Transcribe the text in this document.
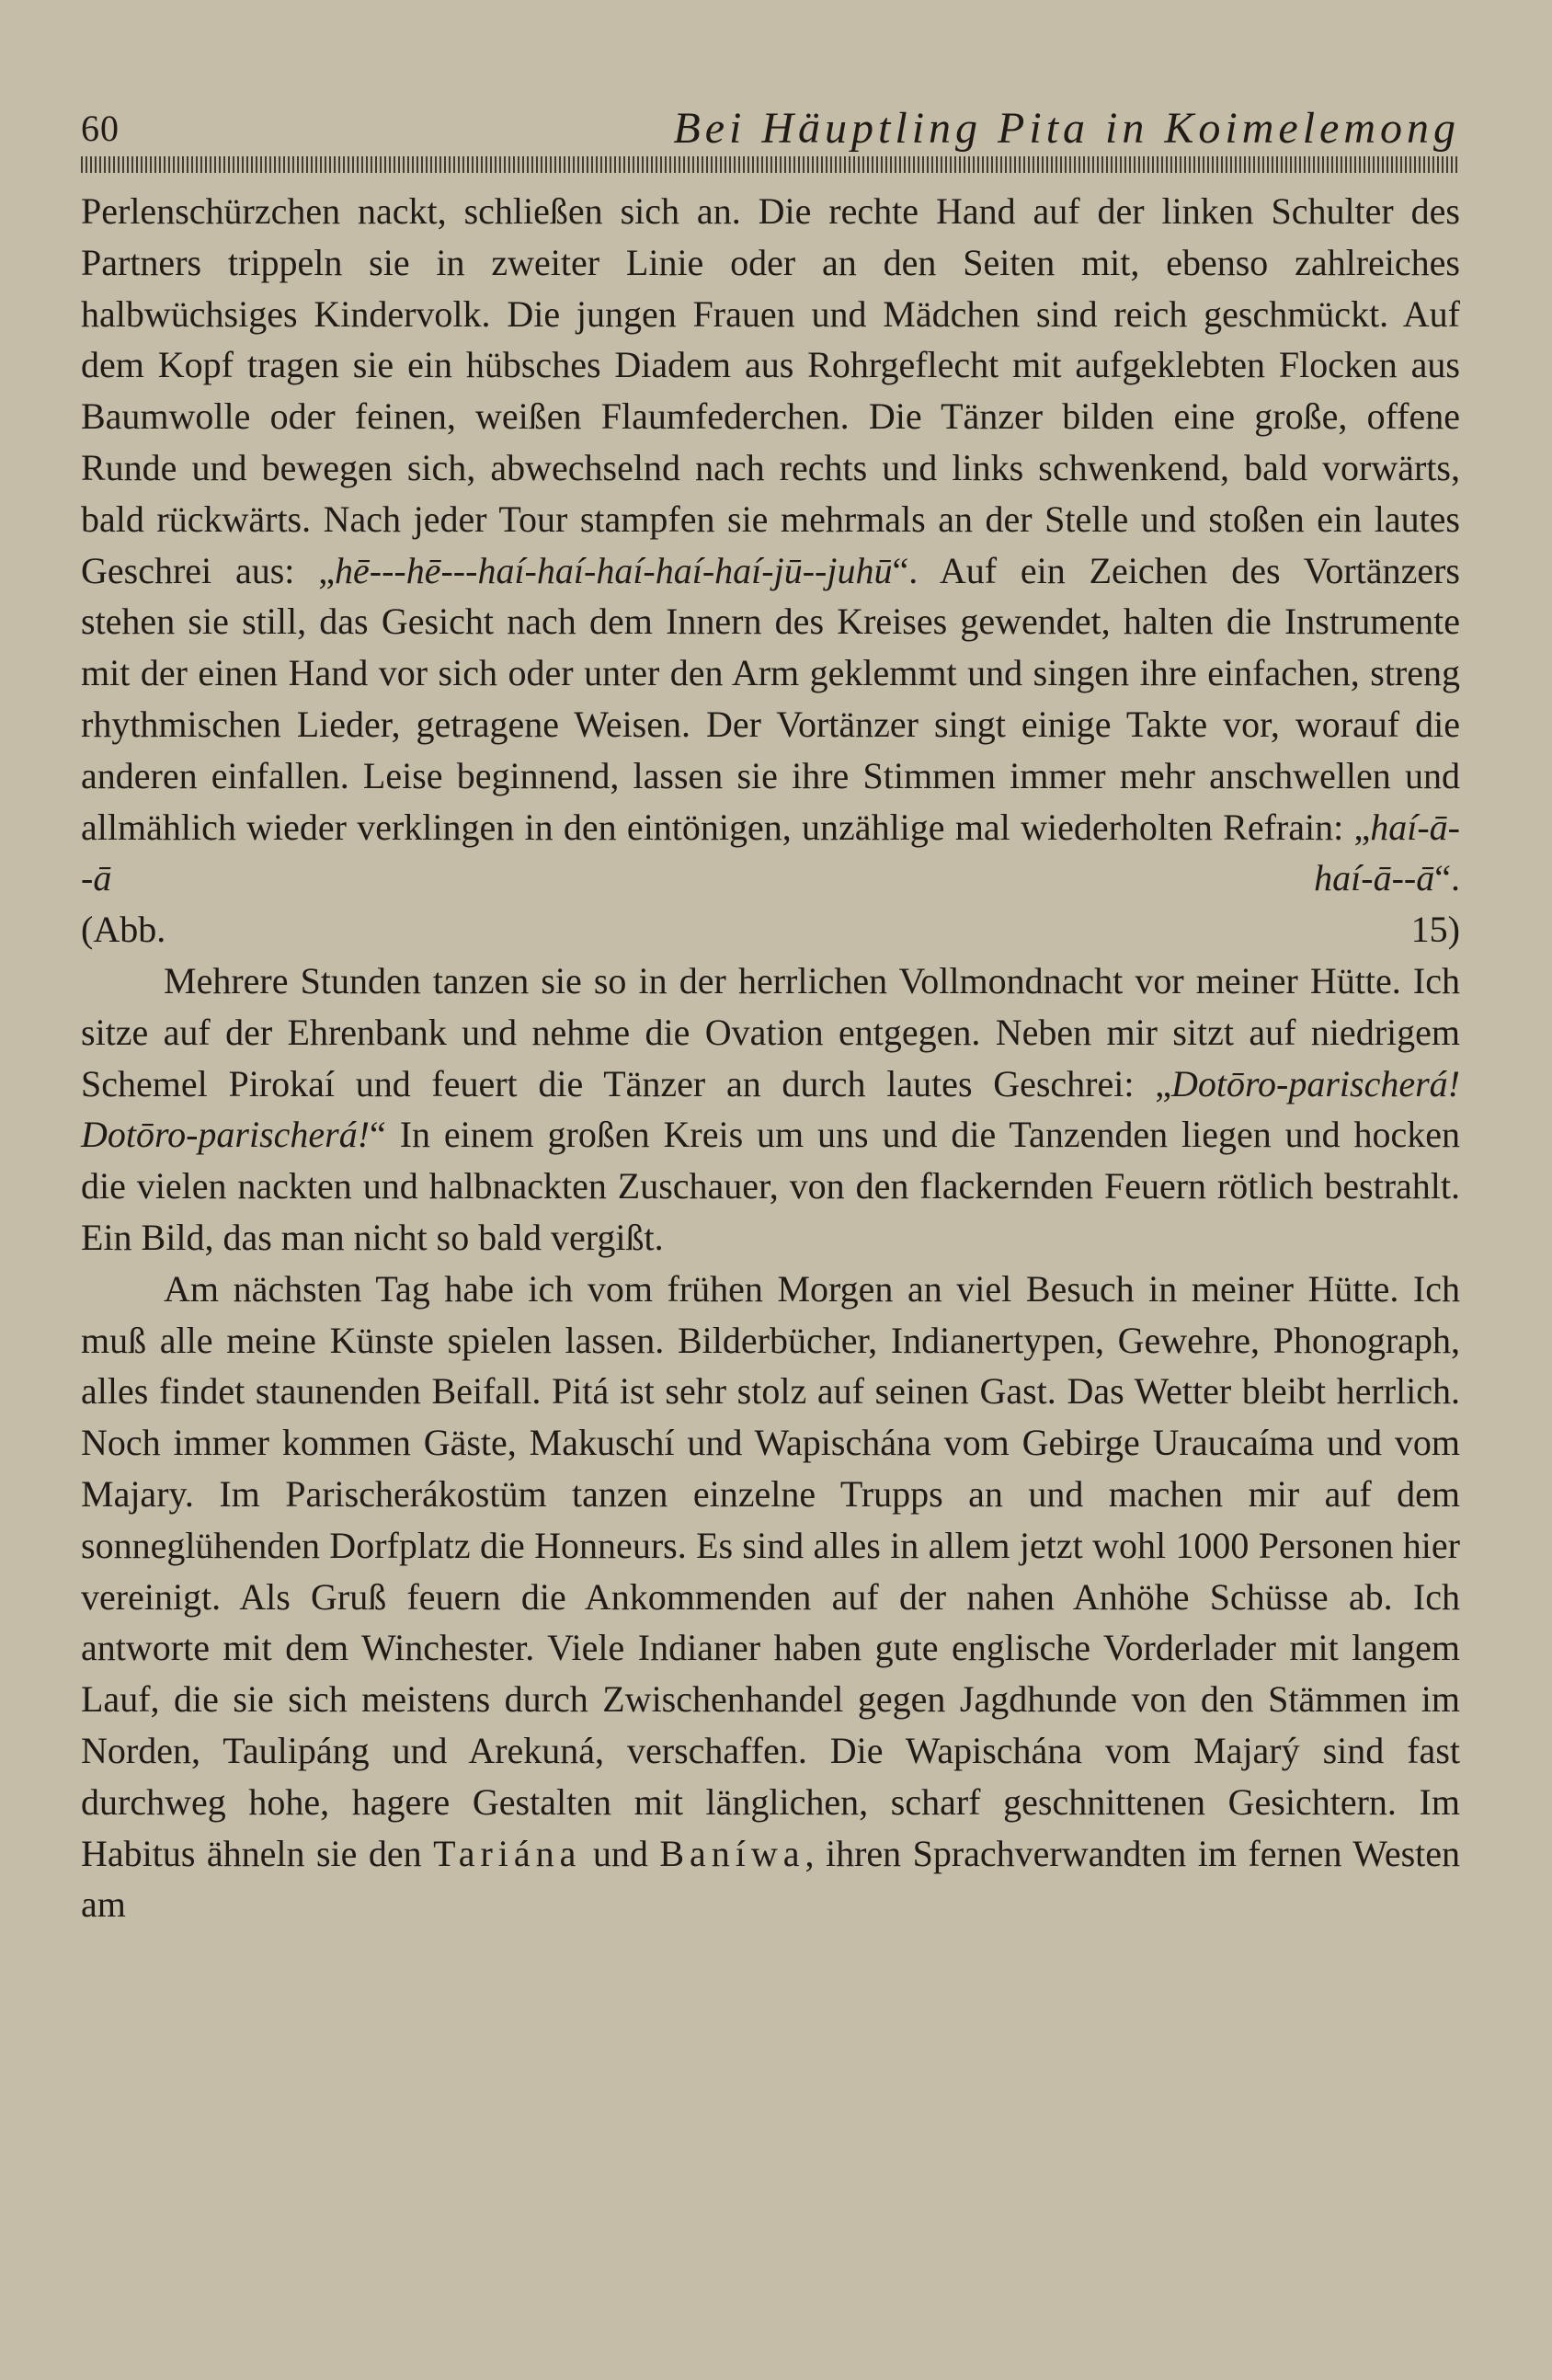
60	Bei Häuptling Pita in Koimelemong

Perlenschürzchen nackt, schließen sich an. Die rechte Hand auf der linken Schulter des Partners trippeln sie in zweiter Linie oder an den Seiten mit, ebenso zahlreiches halbwüchsiges Kindervolk. Die jungen Frauen und Mädchen sind reich geschmückt. Auf dem Kopf tragen sie ein hübsches Diadem aus Rohrgeflecht mit aufgeklebten Flocken aus Baumwolle oder feinen, weißen Flaumfederchen. Die Tänzer bilden eine große, offene Runde und bewegen sich, abwechselnd nach rechts und links schwenkend, bald vorwärts, bald rückwärts. Nach jeder Tour stampfen sie mehrmals an der Stelle und stoßen ein lautes Geschrei aus: „hē---hē---haí-haí-haí-haí-haí-jū--juhū“. Auf ein Zeichen des Vortänzers stehen sie still, das Gesicht nach dem Innern des Kreises gewendet, halten die Instrumente mit der einen Hand vor sich oder unter den Arm geklemmt und singen ihre einfachen, streng rhythmischen Lieder, getragene Weisen. Der Vortänzer singt einige Takte vor, worauf die anderen einfallen. Leise beginnend, lassen sie ihre Stimmen immer mehr anschwellen und allmählich wieder verklingen in den eintönigen, unzählige mal wiederholten Refrain: „haí-ā--ā haí-ā--ā“.
(Abb. 15)

Mehrere Stunden tanzen sie so in der herrlichen Vollmondnacht vor meiner Hütte. Ich sitze auf der Ehrenbank und nehme die Ovation entgegen. Neben mir sitzt auf niedrigem Schemel Pirokaí und feuert die Tänzer an durch lautes Geschrei: „Dotōro-parischerá! Dotōro-parischerá!“ In einem großen Kreis um uns und die Tanzenden liegen und hocken die vielen nackten und halbnackten Zuschauer, von den flackernden Feuern rötlich bestrahlt. Ein Bild, das man nicht so bald vergißt.

Am nächsten Tag habe ich vom frühen Morgen an viel Besuch in meiner Hütte. Ich muß alle meine Künste spielen lassen. Bilderbücher, Indianertypen, Gewehre, Phonograph, alles findet staunenden Beifall. Pitá ist sehr stolz auf seinen Gast. Das Wetter bleibt herrlich. Noch immer kommen Gäste, Makuschí und Wapischána vom Gebirge Uraucaíma und vom Majary. Im Parischerákostüm tanzen einzelne Trupps an und machen mir auf dem sonneglühenden Dorfplatz die Honneurs. Es sind alles in allem jetzt wohl 1000 Personen hier vereinigt. Als Gruß feuern die Ankommenden auf der nahen Anhöhe Schüsse ab. Ich antworte mit dem Winchester. Viele Indianer haben gute englische Vorderlader mit langem Lauf, die sie sich meistens durch Zwischenhandel gegen Jagdhunde von den Stämmen im Norden, Taulipáng und Arekuná, verschaffen. Die Wapischána vom Majarý sind fast durchweg hohe, hagere Gestalten mit länglichen, scharf geschnittenen Gesichtern. Im Habitus ähneln sie den Tariána und Baníwa, ihren Sprachverwandten im fernen Westen am
